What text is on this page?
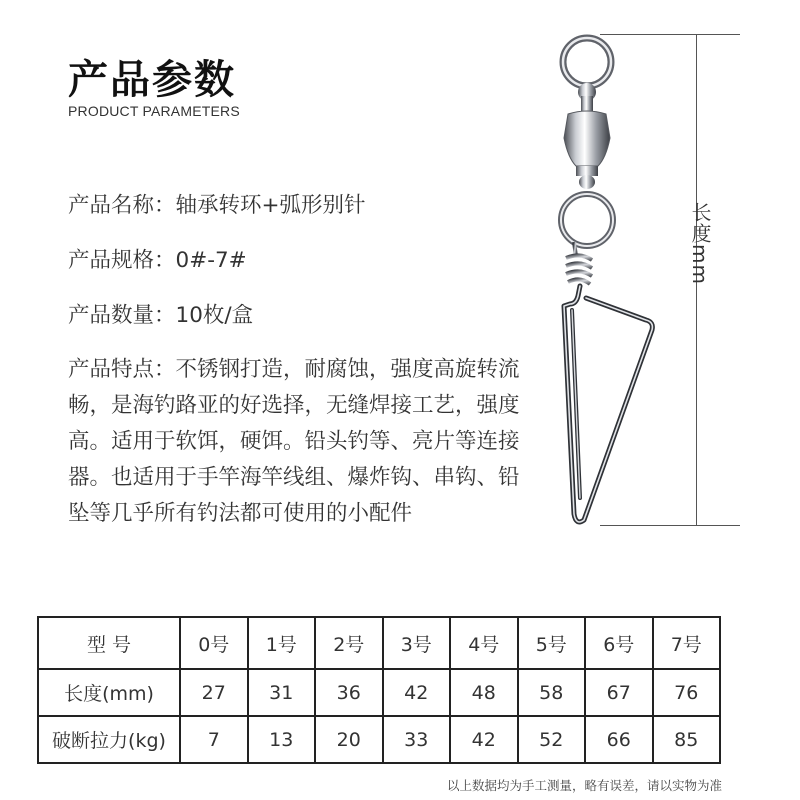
产品参数
PRODUCT PARAMETERS
产品名称：轴承转环+弧形别针
产品规格：0#-7#
产品数量：10枚/盒

产品特点：不锈钢打造，耐腐蚀，强度高旋转流畅，是海钓路亚的好选择，无缝焊接工艺，强度高。适用于软饵，硬饵。铅头钓等、亮片等连接器。也适用于手竿海竿线组、爆炸钩、串钩、铅坠等几乎所有钓法都可使用的小配件

长度mm
型 号	0号	1号	2号	3号	4号	5号	6号	7号
长度(mm)	27	31	36	42	48	58	67	76
破断拉力(kg)	7	13	20	33	42	52	66	85
以上数据均为手工测量，略有误差，请以实物为准
